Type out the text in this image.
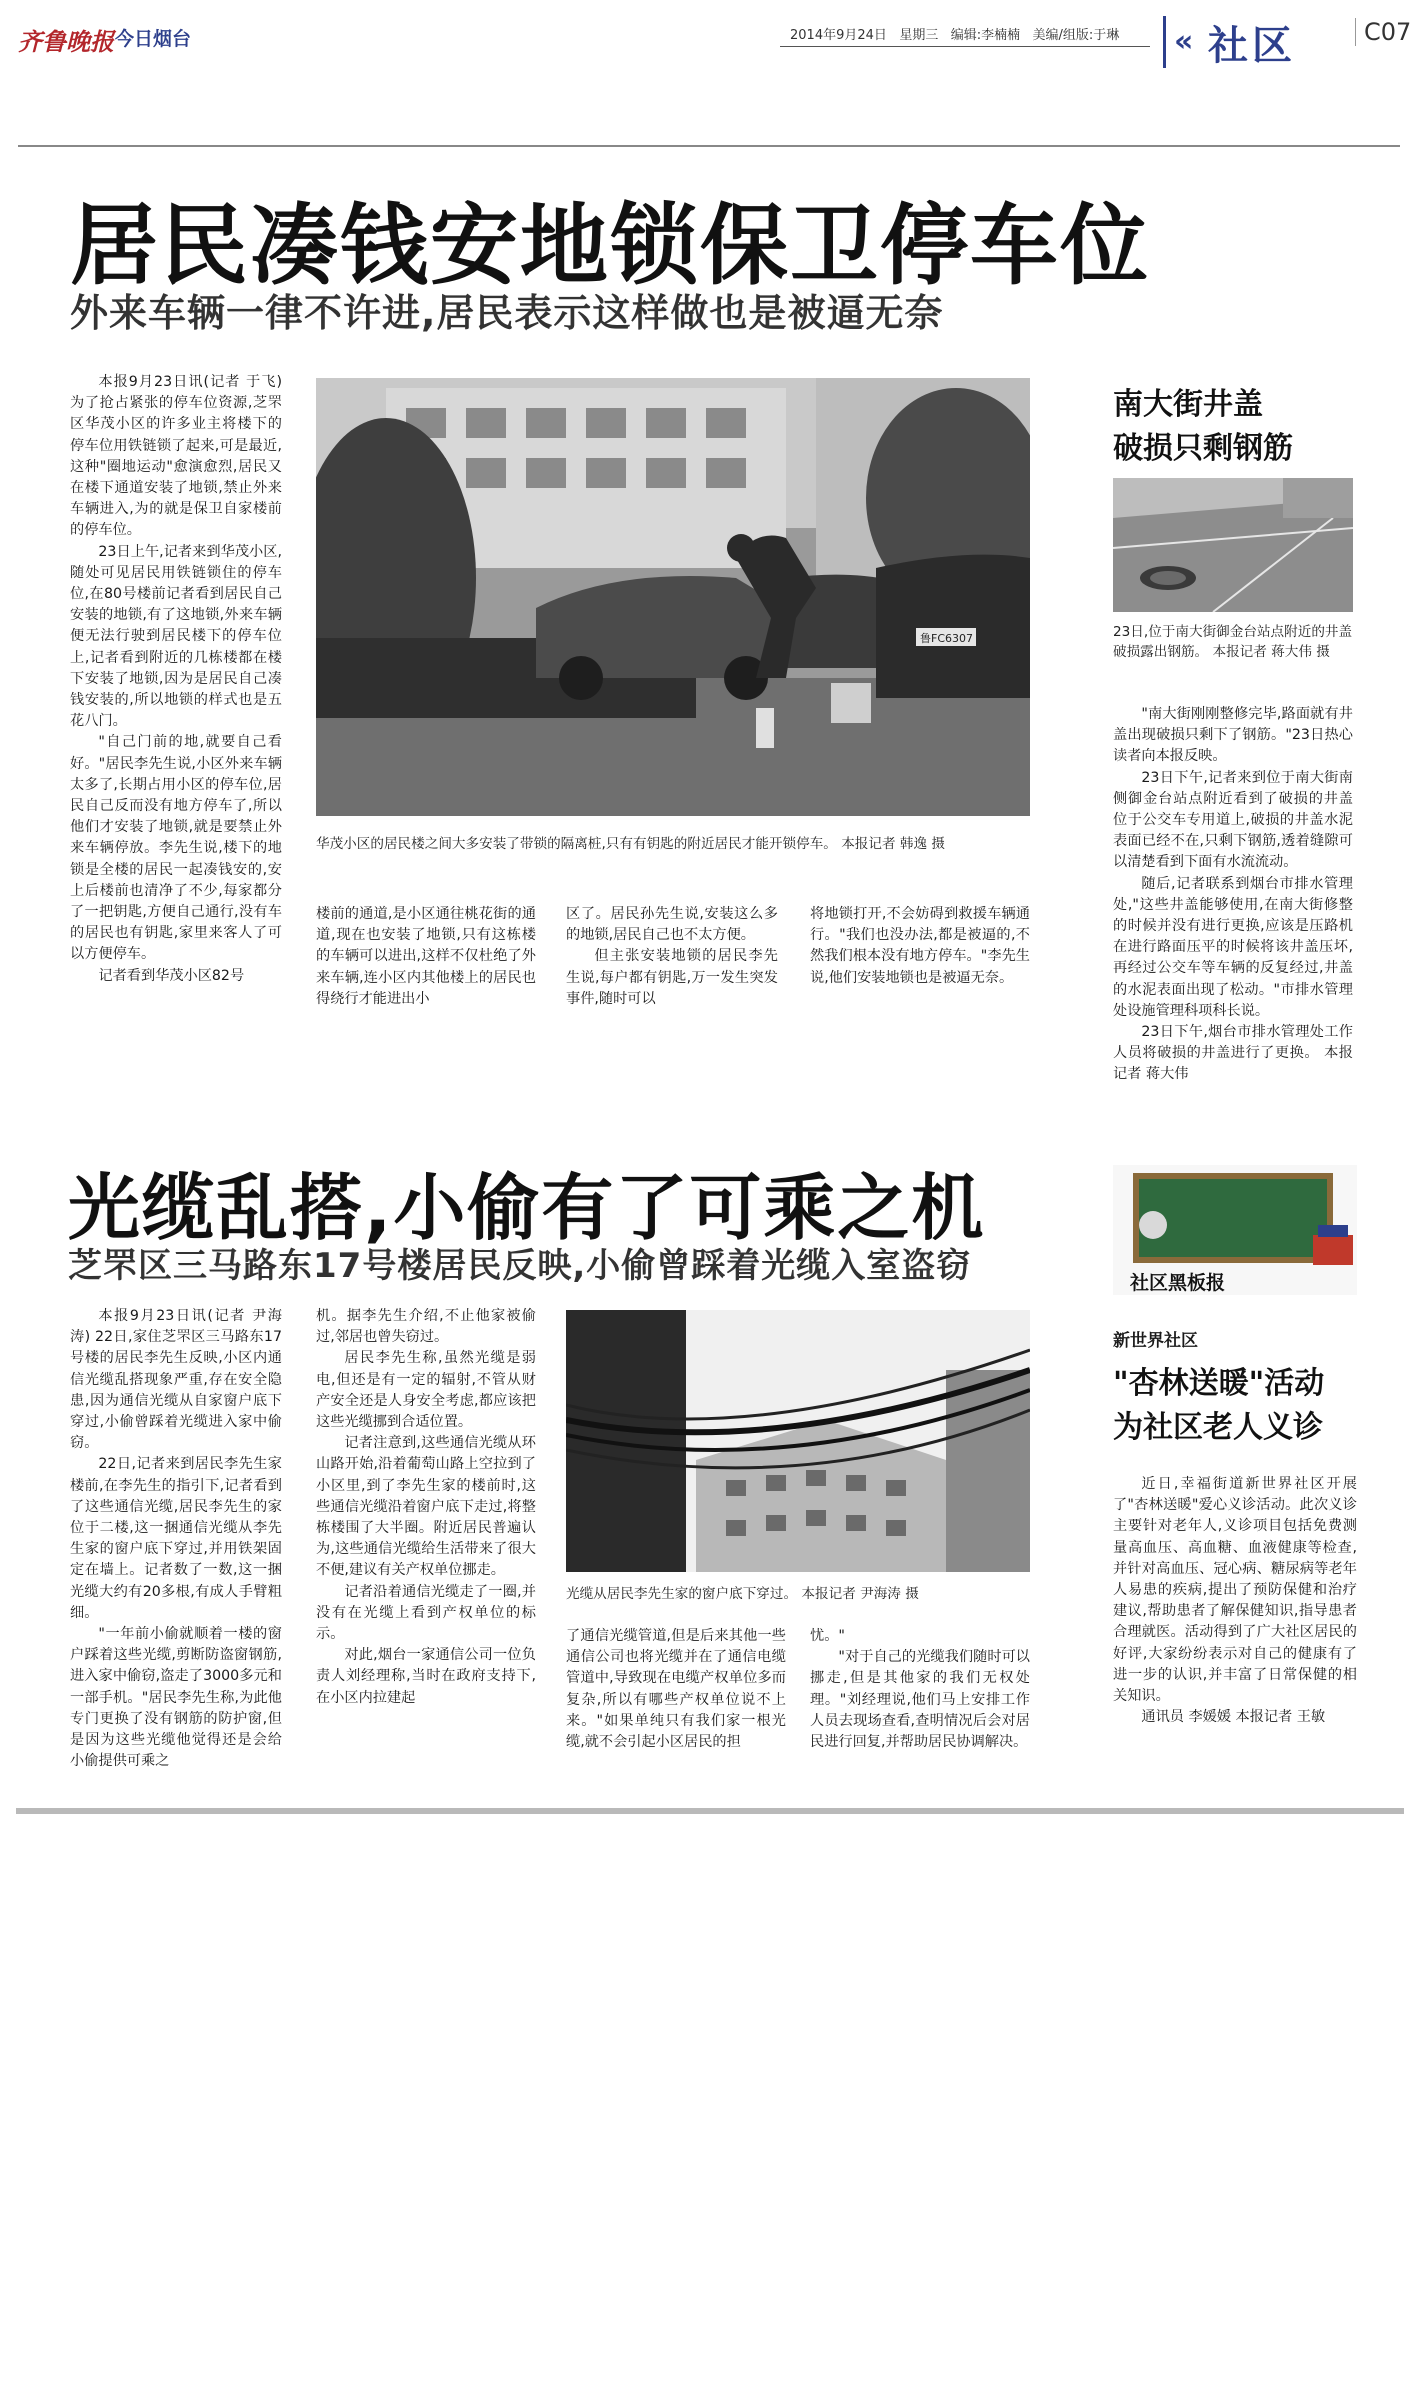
齐鲁晚报 今日烟台	2014年9月24日 星期三 编辑:李楠楠 美编/组版:于琳 « 社区	C07
居民凑钱安地锁保卫停车位
外来车辆一律不许进,居民表示这样做也是被逼无奈

本报9月23日讯(记者 于飞) 为了抢占紧张的停车位资源,芝罘区华茂小区的许多业主将楼下的停车位用铁链锁了起来,可是最近,这种"圈地运动"愈演愈烈,居民又在楼下通道安装了地锁,禁止外来车辆进入,为的就是保卫自家楼前的停车位。

23日上午,记者来到华茂小区,随处可见居民用铁链锁住的停车位,在80号楼前记者看到居民自己安装的地锁,有了这地锁,外来车辆便无法行驶到居民楼下的停车位上,记者看到附近的几栋楼都在楼下安装了地锁,因为是居民自己凑钱安装的,所以地锁的样式也是五花八门。

"自己门前的地,就要自己看好。"居民李先生说,小区外来车辆太多了,长期占用小区的停车位,居民自己反而没有地方停车了,所以他们才安装了地锁,就是要禁止外来车辆停放。李先生说,楼下的地锁是全楼的居民一起凑钱安的,安上后楼前也清净了不少,每家都分了一把钥匙,方便自己通行,没有车的居民也有钥匙,家里来客人了可以方便停车。

记者看到华茂小区82号

鲁FC6307
华茂小区的居民楼之间大多安装了带锁的隔离桩,只有有钥匙的附近居民才能开锁停车。 本报记者 韩逸 摄

楼前的通道,是小区通往桃花街的通道,现在也安装了地锁,只有这栋楼的车辆可以进出,这样不仅杜绝了外来车辆,连小区内其他楼上的居民也得绕行才能进出小

区了。居民孙先生说,安装这么多的地锁,居民自己也不太方便。

但主张安装地锁的居民李先生说,每户都有钥匙,万一发生突发事件,随时可以

将地锁打开,不会妨碍到救援车辆通行。"我们也没办法,都是被逼的,不然我们根本没有地方停车。"李先生说,他们安装地锁也是被逼无奈。

南大街井盖
破损只剩钢筋
23日,位于南大街御金台站点附近的井盖破损露出钢筋。 本报记者 蒋大伟 摄

"南大街刚刚整修完毕,路面就有井盖出现破损只剩下了钢筋。"23日热心读者向本报反映。

23日下午,记者来到位于南大街南侧御金台站点附近看到了破损的井盖位于公交车专用道上,破损的井盖水泥表面已经不在,只剩下钢筋,透着缝隙可以清楚看到下面有水流流动。

随后,记者联系到烟台市排水管理处,"这些井盖能够使用,在南大街修整的时候并没有进行更换,应该是压路机在进行路面压平的时候将该井盖压坏,再经过公交车等车辆的反复经过,井盖的水泥表面出现了松动。"市排水管理处设施管理科项科长说。

23日下午,烟台市排水管理处工作人员将破损的井盖进行了更换。 本报记者 蒋大伟

光缆乱搭,小偷有了可乘之机
芝罘区三马路东17号楼居民反映,小偷曾踩着光缆入室盗窃

本报9月23日讯(记者 尹海涛) 22日,家住芝罘区三马路东17号楼的居民李先生反映,小区内通信光缆乱搭现象严重,存在安全隐患,因为通信光缆从自家窗户底下穿过,小偷曾踩着光缆进入家中偷窃。

22日,记者来到居民李先生家楼前,在李先生的指引下,记者看到了这些通信光缆,居民李先生的家位于二楼,这一捆通信光缆从李先生家的窗户底下穿过,并用铁架固定在墙上。记者数了一数,这一捆光缆大约有20多根,有成人手臂粗细。

"一年前小偷就顺着一楼的窗户踩着这些光缆,剪断防盗窗钢筋,进入家中偷窃,盗走了3000多元和一部手机。"居民李先生称,为此他专门更换了没有钢筋的防护窗,但是因为这些光缆他觉得还是会给小偷提供可乘之

机。据李先生介绍,不止他家被偷过,邻居也曾失窃过。

居民李先生称,虽然光缆是弱电,但还是有一定的辐射,不管从财产安全还是人身安全考虑,都应该把这些光缆挪到合适位置。

记者注意到,这些通信光缆从环山路开始,沿着葡萄山路上空拉到了小区里,到了李先生家的楼前时,这些通信光缆沿着窗户底下走过,将整栋楼围了大半圈。附近居民普遍认为,这些通信光缆给生活带来了很大不便,建议有关产权单位挪走。

记者沿着通信光缆走了一圈,并没有在光缆上看到产权单位的标示。

对此,烟台一家通信公司一位负责人刘经理称,当时在政府支持下,在小区内拉建起

光缆从居民李先生家的窗户底下穿过。 本报记者 尹海涛 摄

了通信光缆管道,但是后来其他一些通信公司也将光缆并在了通信电缆管道中,导致现在电缆产权单位多而复杂,所以有哪些产权单位说不上来。"如果单纯只有我们家一根光缆,就不会引起小区居民的担

忧。"

"对于自己的光缆我们随时可以挪走,但是其他家的我们无权处理。"刘经理说,他们马上安排工作人员去现场查看,查明情况后会对居民进行回复,并帮助居民协调解决。

社区黑板报
新世界社区
"杏林送暖"活动
为社区老人义诊

近日,幸福街道新世界社区开展了"杏林送暖"爱心义诊活动。此次义诊主要针对老年人,义诊项目包括免费测量高血压、高血糖、血液健康等检查,并针对高血压、冠心病、糖尿病等老年人易患的疾病,提出了预防保健和治疗建议,帮助患者了解保健知识,指导患者合理就医。活动得到了广大社区居民的好评,大家纷纷表示对自己的健康有了进一步的认识,并丰富了日常保健的相关知识。

通讯员 李媛媛 本报记者 王敏
